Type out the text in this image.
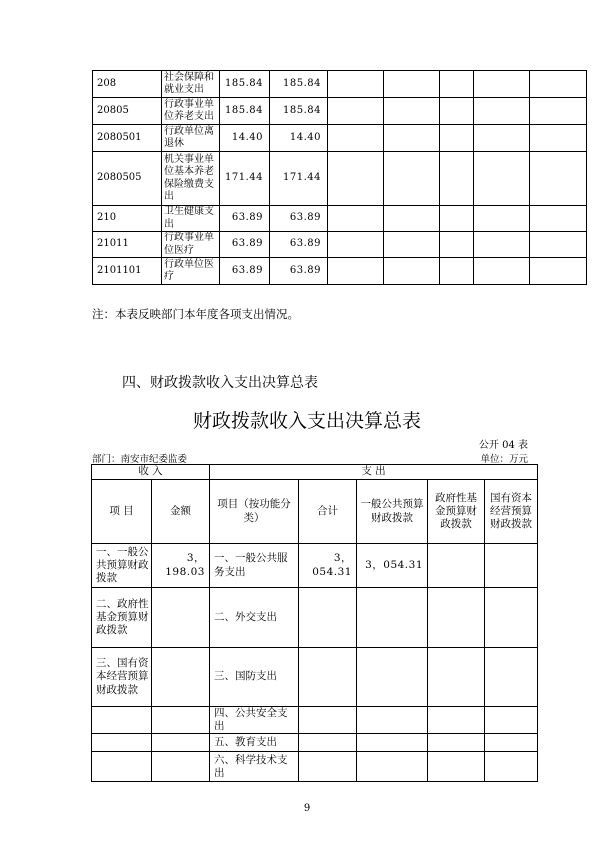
208	社会保障和就业支出	185.84	185.84					
20805	行政事业单位养老支出	185.84	185.84					
2080501	行政单位离退休	14.40	14.40					
2080505	机关事业单位基本养老保险缴费支出	171.44	171.44					
210	卫生健康支出	63.89	63.89					
21011	行政事业单位医疗	63.89	63.89					
2101101	行政单位医疗	63.89	63.89					
注：本表反映部门本年度各项支出情况。
四、财政拨款收入支出决算总表
财政拨款收入支出决算总表
公开 04 表
部门：南安市纪委监委	单位：万元
收 入		支 出				
项 目	金额	项目（按功能分类）	合计	一般公共预算财政拨款	政府性基金预算财政拨款	国有资本经营预算财政拨款
一、一般公共预算财政拨款	3，198.03	一、一般公共服务支出	3，054.31	3，054.31		
二、政府性基金预算财政拨款		二、外交支出				
三、国有资本经营预算财政拨款		三、国防支出				
		四、公共安全支出				
		五、教育支出				
		六、科学技术支出				
9
